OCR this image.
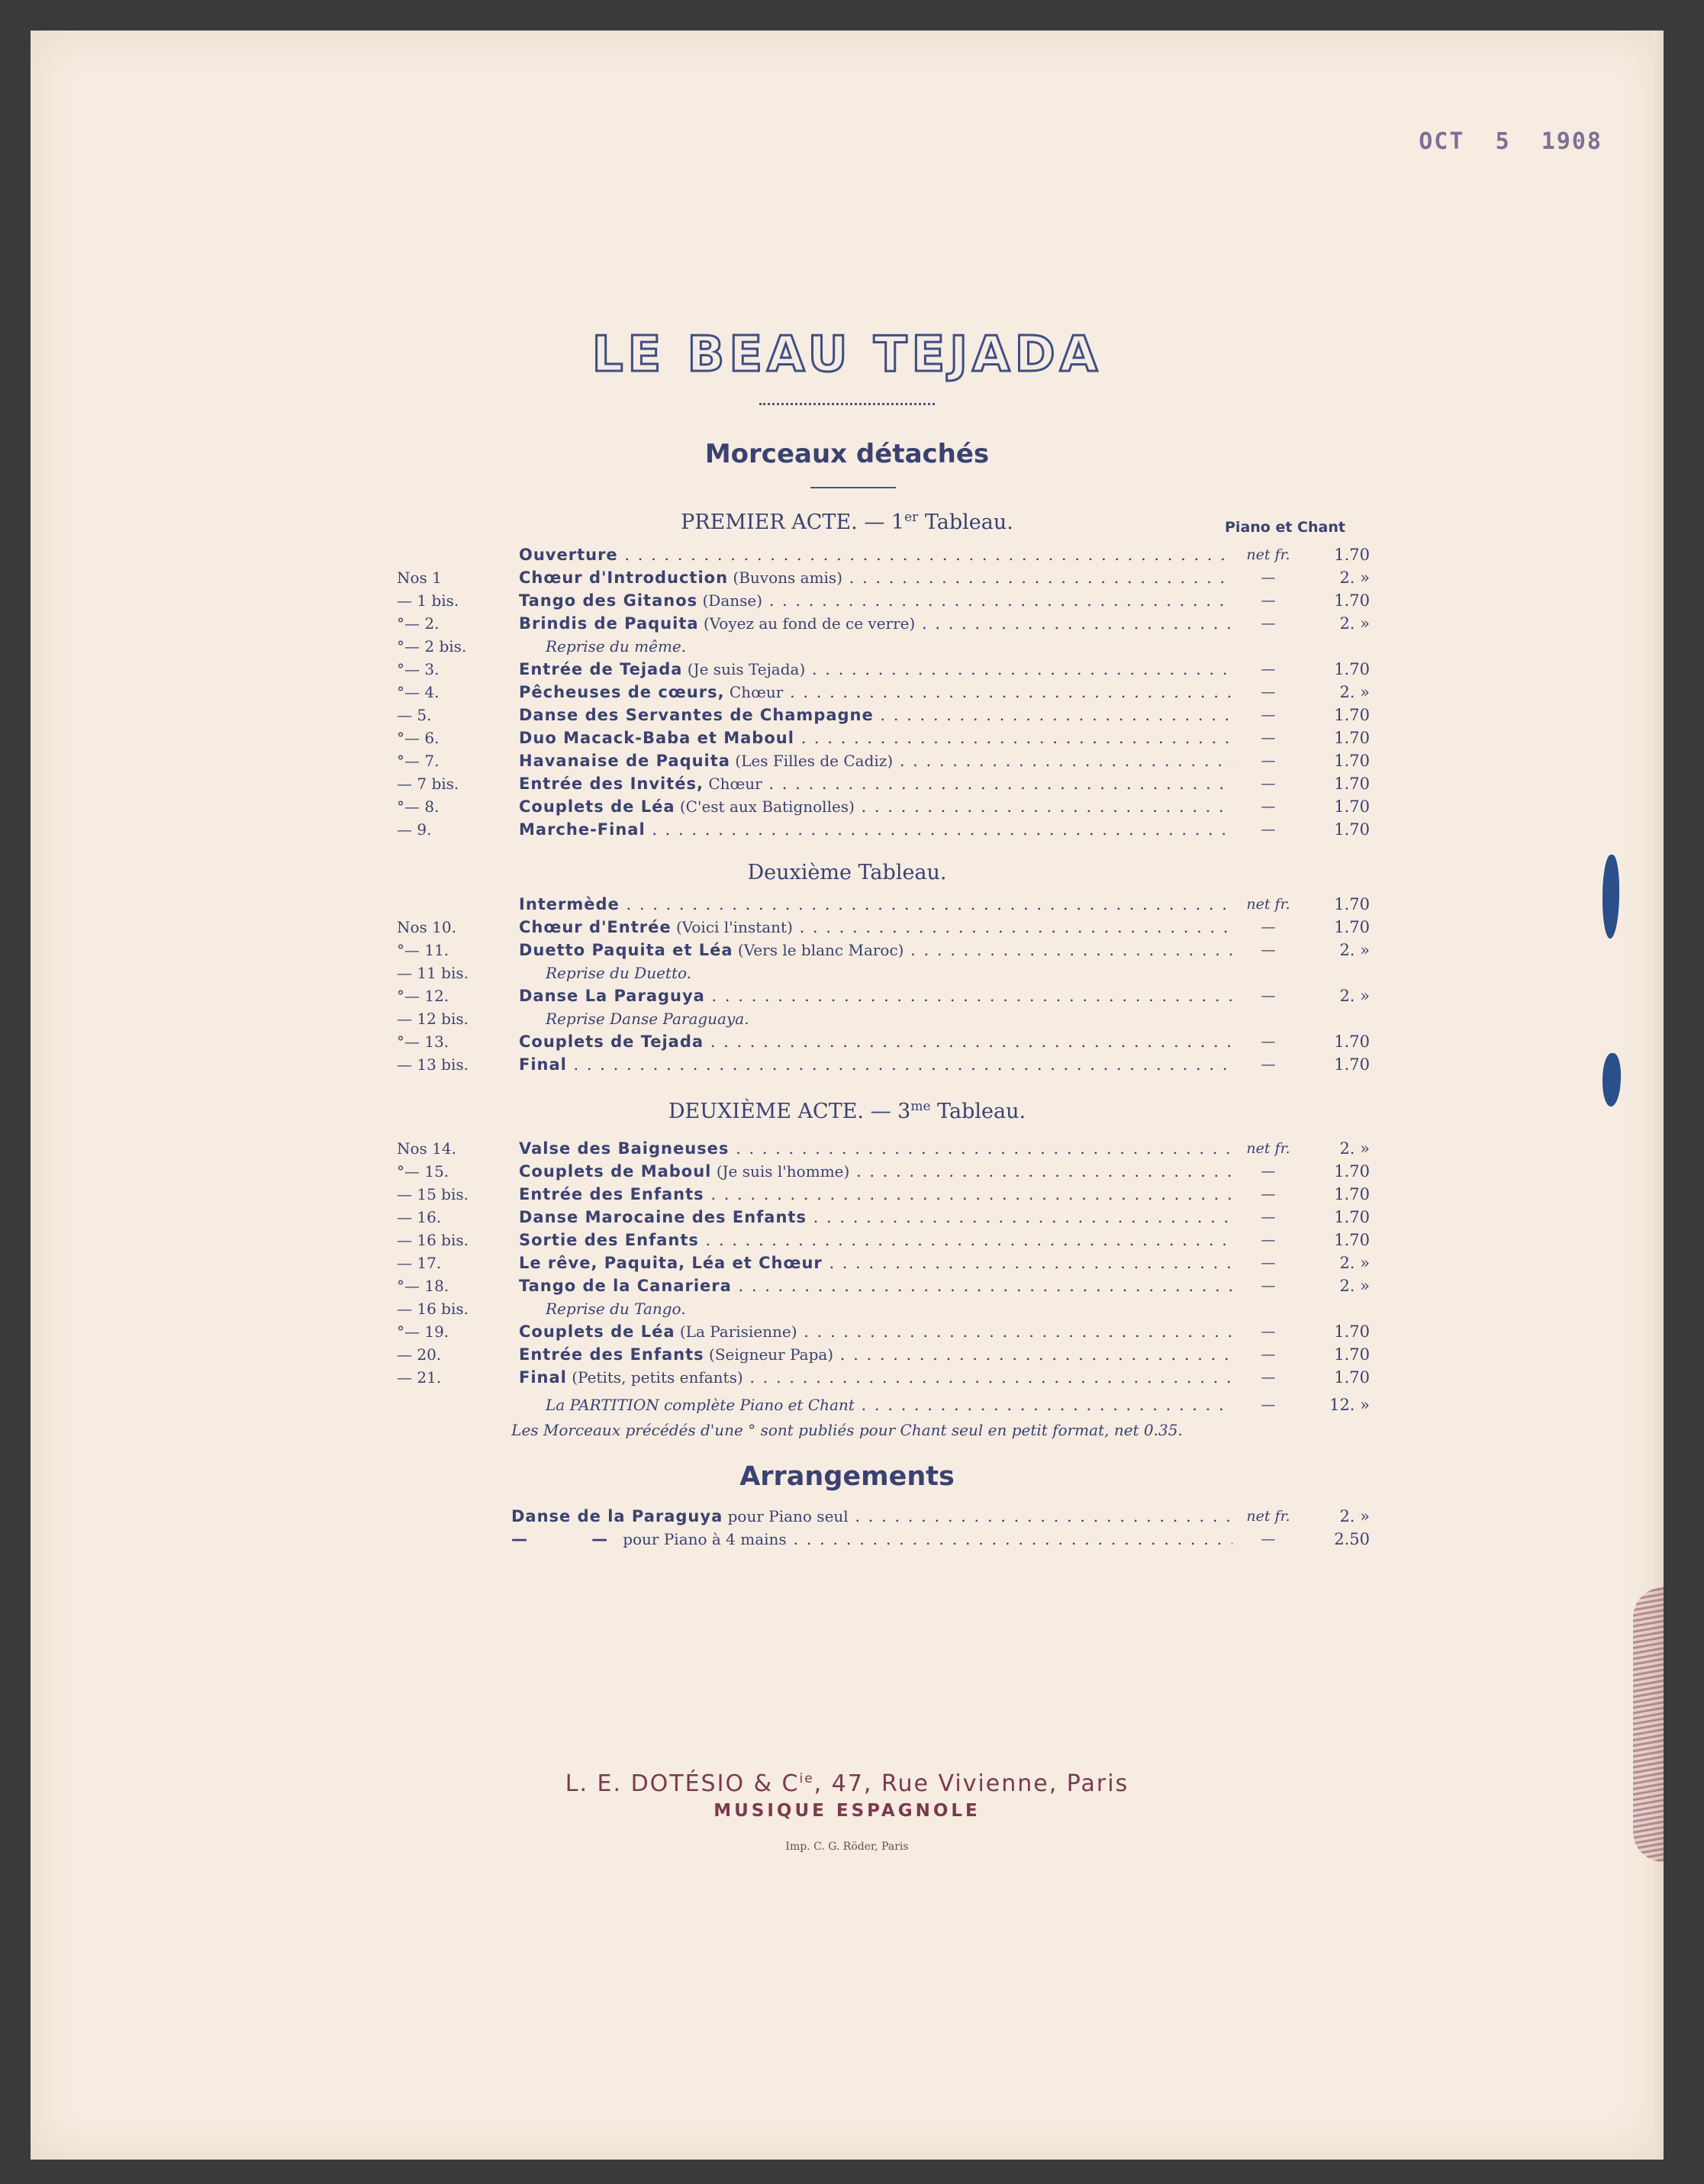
OCT 5 1908
LE BEAU TEJADA
Morceaux détachés
PREMIER ACTE. — 1er Tableau.	Piano et Chant
Ouverture . . .	net fr.	1.70
Nos 1	Chœur d'Introduction (Buvons amis) . . .	—	2. »
— 1 bis.	Tango des Gitanos (Danse) . . .	—	1.70
°— 2.	Brindis de Paquita (Voyez au fond de ce verre) . . .	—	2. »
°— 2 bis.	Reprise du même.
°— 3.	Entrée de Tejada (Je suis Tejada) . . .	—	1.70
°— 4.	Pêcheuses de cœurs, Chœur . . .	—	2. »
— 5.	Danse des Servantes de Champagne . . .	—	1.70
°— 6.	Duo Macack-Baba et Maboul . . .	—	1.70
°— 7.	Havanaise de Paquita (Les Filles de Cadiz) . . .	—	1.70
— 7 bis.	Entrée des Invités, Chœur . . .	—	1.70
°— 8.	Couplets de Léa (C'est aux Batignolles) . . .	—	1.70
— 9.	Marche-Final . . .	—	1.70
Deuxième Tableau.
Intermède . . .	net fr.	1.70
Nos 10.	Chœur d'Entrée (Voici l'instant) . . .	—	1.70
°— 11.	Duetto Paquita et Léa (Vers le blanc Maroc) . . .	—	2. »
— 11 bis.	Reprise du Duetto.
°— 12.	Danse La Paraguya . . .	—	2. »
— 12 bis.	Reprise Danse Paraguaya.
°— 13.	Couplets de Tejada . . .	—	1.70
— 13 bis.	Final . . .	—	1.70
DEUXIÈME ACTE. — $3^{me}$ Tableau.
Nos 14.	Valse des Baigneuses . . .	net fr.	2. »
°— 15.	Couplets de Maboul (Je suis l'homme) . . .	—	1.70
— 15 bis.	Entrée des Enfants . . .	—	1.70
— 16.	Danse Marocaine des Enfants . . .	—	1.70
— 16 bis.	Sortie des Enfants . . .	—	1.70
— 17.	Le rêve, Paquita, Léa et Chœur . . .	—	2. »
°— 18.	Tango de la Canariera . . .	—	2. »
— 16 bis.	Reprise du Tango.
°— 19.	Couplets de Léa (La Parisienne) . . .	—	1.70
— 20.	Entrée des Enfants (Seigneur Papa) . . .	—	1.70
— 21.	Final (Petits, petits enfants) . . .	—	1.70
La PARTITION complète Piano et Chant . . .	—	12. »
Les Morceaux précédés d'une ° sont publiés pour Chant seul en petit format, net 0.35.
Arrangements
Danse de la Paraguya pour Piano seul . . .	net fr.	2. »
—          —   pour Piano à 4 mains . . .	—	2.50
L. E. DOTÉSIO & $C^{ie}$, 47, Rue Vivienne, Paris
MUSIQUE ESPAGNOLE
Imp. C. G. Röder, Paris
